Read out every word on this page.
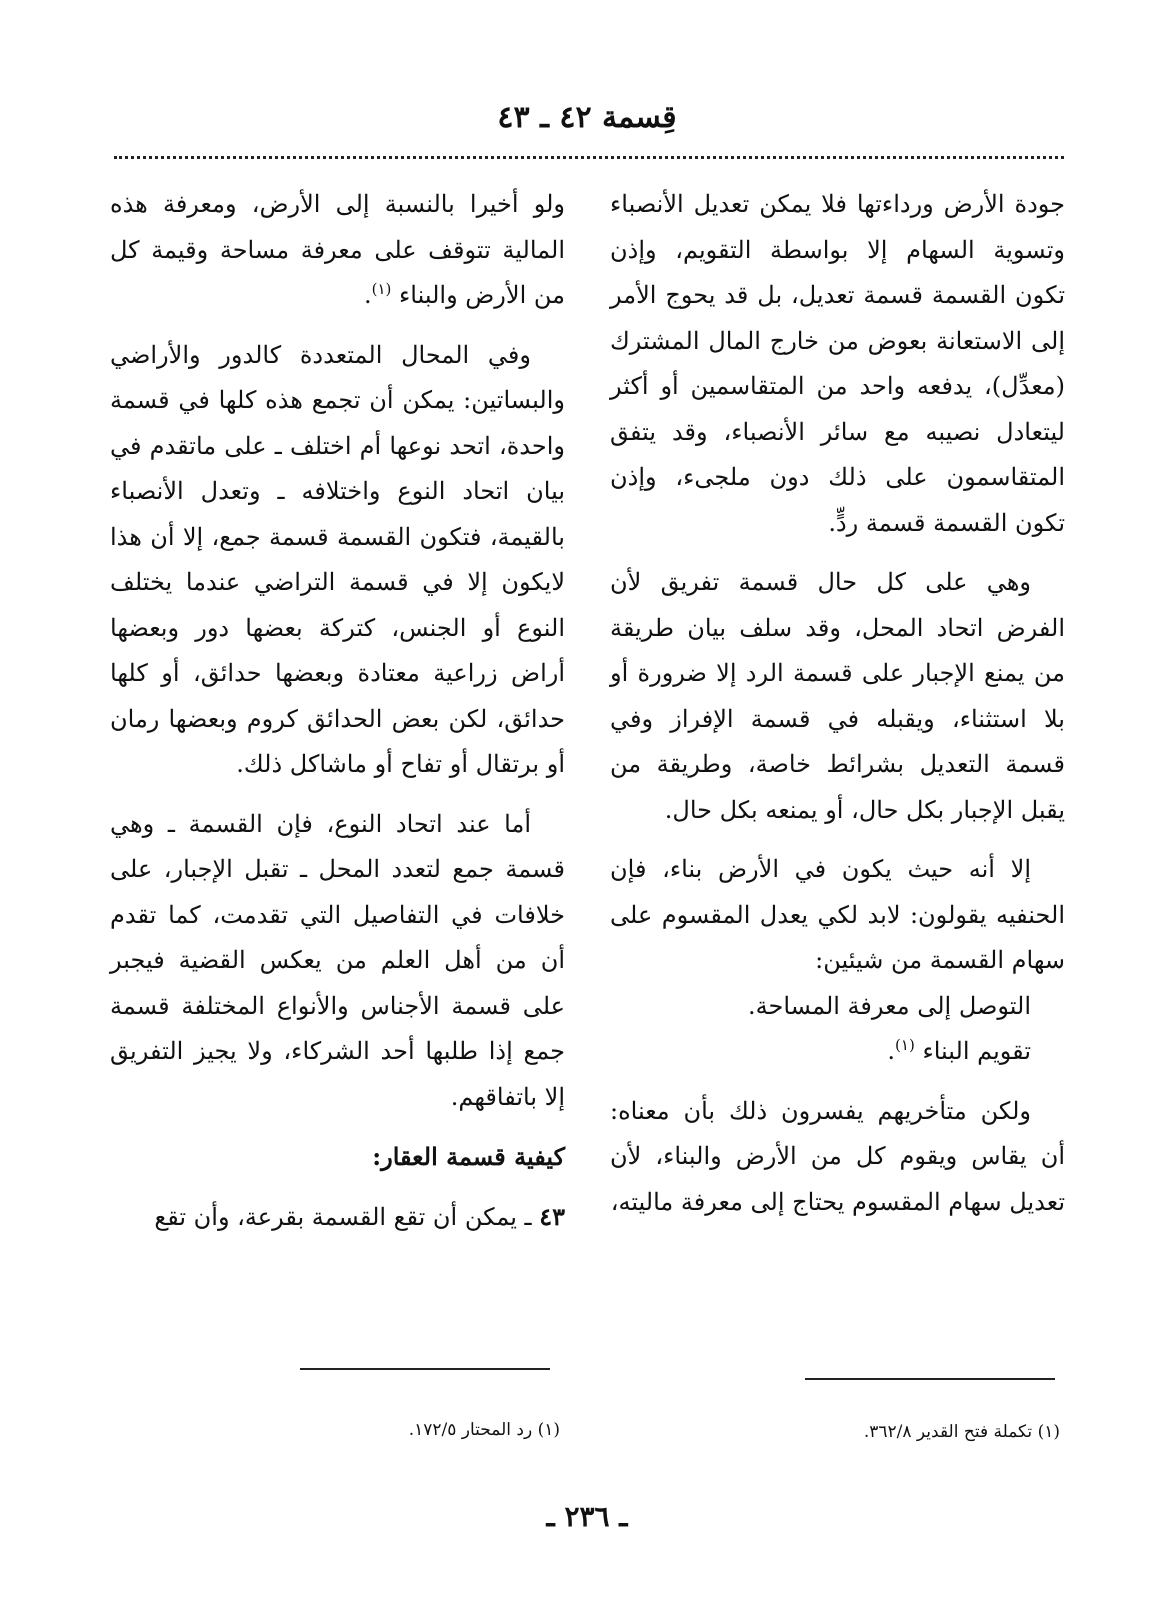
قِسمة ٤٢ ـ ٤٣

جودة الأرض ورداءتها فلا يمكن تعديل الأنصباء وتسوية السهام إلا بواسطة التقويم، وإذن تكون القسمة قسمة تعديل، بل قد يحوج الأمر إلى الاستعانة بعوض من خارج المال المشترك (معدِّل)، يدفعه واحد من المتقاسمين أو أكثر ليتعادل نصيبه مع سائر الأنصباء، وقد يتفق المتقاسمون على ذلك دون ملجىء، وإذن تكون القسمة قسمة ردٍّ.

وهي على كل حال قسمة تفريق لأن الفرض اتحاد المحل، وقد سلف بيان طريقة من يمنع الإجبار على قسمة الرد إلا ضرورة أو بلا استثناء، ويقبله في قسمة الإفراز وفي قسمة التعديل بشرائط خاصة، وطريقة من يقبل الإجبار بكل حال، أو يمنعه بكل حال.

إلا أنه حيث يكون في الأرض بناء، فإن الحنفيه يقولون: لابد لكي يعدل المقسوم على سهام القسمة من شيئين:

التوصل إلى معرفة المساحة.
تقويم البناء $^{(١)}$.

ولكن متأخريهم يفسرون ذلك بأن معناه: أن يقاس ويقوم كل من الأرض والبناء، لأن تعديل سهام المقسوم يحتاج إلى معرفة ماليته،

ولو أخيرا بالنسبة إلى الأرض، ومعرفة هذه المالية تتوقف على معرفة مساحة وقيمة كل من الأرض والبناء $^{(١)}$.

وفي المحال المتعددة كالدور والأراضي والبساتين: يمكن أن تجمع هذه كلها في قسمة واحدة، اتحد نوعها أم اختلف ـ على ماتقدم في بيان اتحاد النوع واختلافه ـ وتعدل الأنصباء بالقيمة، فتكون القسمة قسمة جمع، إلا أن هذا لايكون إلا في قسمة التراضي عندما يختلف النوع أو الجنس، كتركة بعضها دور وبعضها أراض زراعية معتادة وبعضها حدائق، أو كلها حدائق، لكن بعض الحدائق كروم وبعضها رمان أو برتقال أو تفاح أو ماشاكل ذلك.

أما عند اتحاد النوع، فإن القسمة ـ وهي قسمة جمع لتعدد المحل ـ تقبل الإجبار، على خلافات في التفاصيل التي تقدمت، كما تقدم أن من أهل العلم من يعكس القضية فيجبر على قسمة الأجناس والأنواع المختلفة قسمة جمع إذا طلبها أحد الشركاء، ولا يجيز التفريق إلا باتفاقهم.

كيفية قسمة العقار:

٤٣ ـ يمكن أن تقع القسمة بقرعة، وأن تقع

(١) تكملة فتح القدير ٣٦٢/٨.
(١) رد المحتار ١٧٢/٥.
ـ ٢٣٦ ـ
